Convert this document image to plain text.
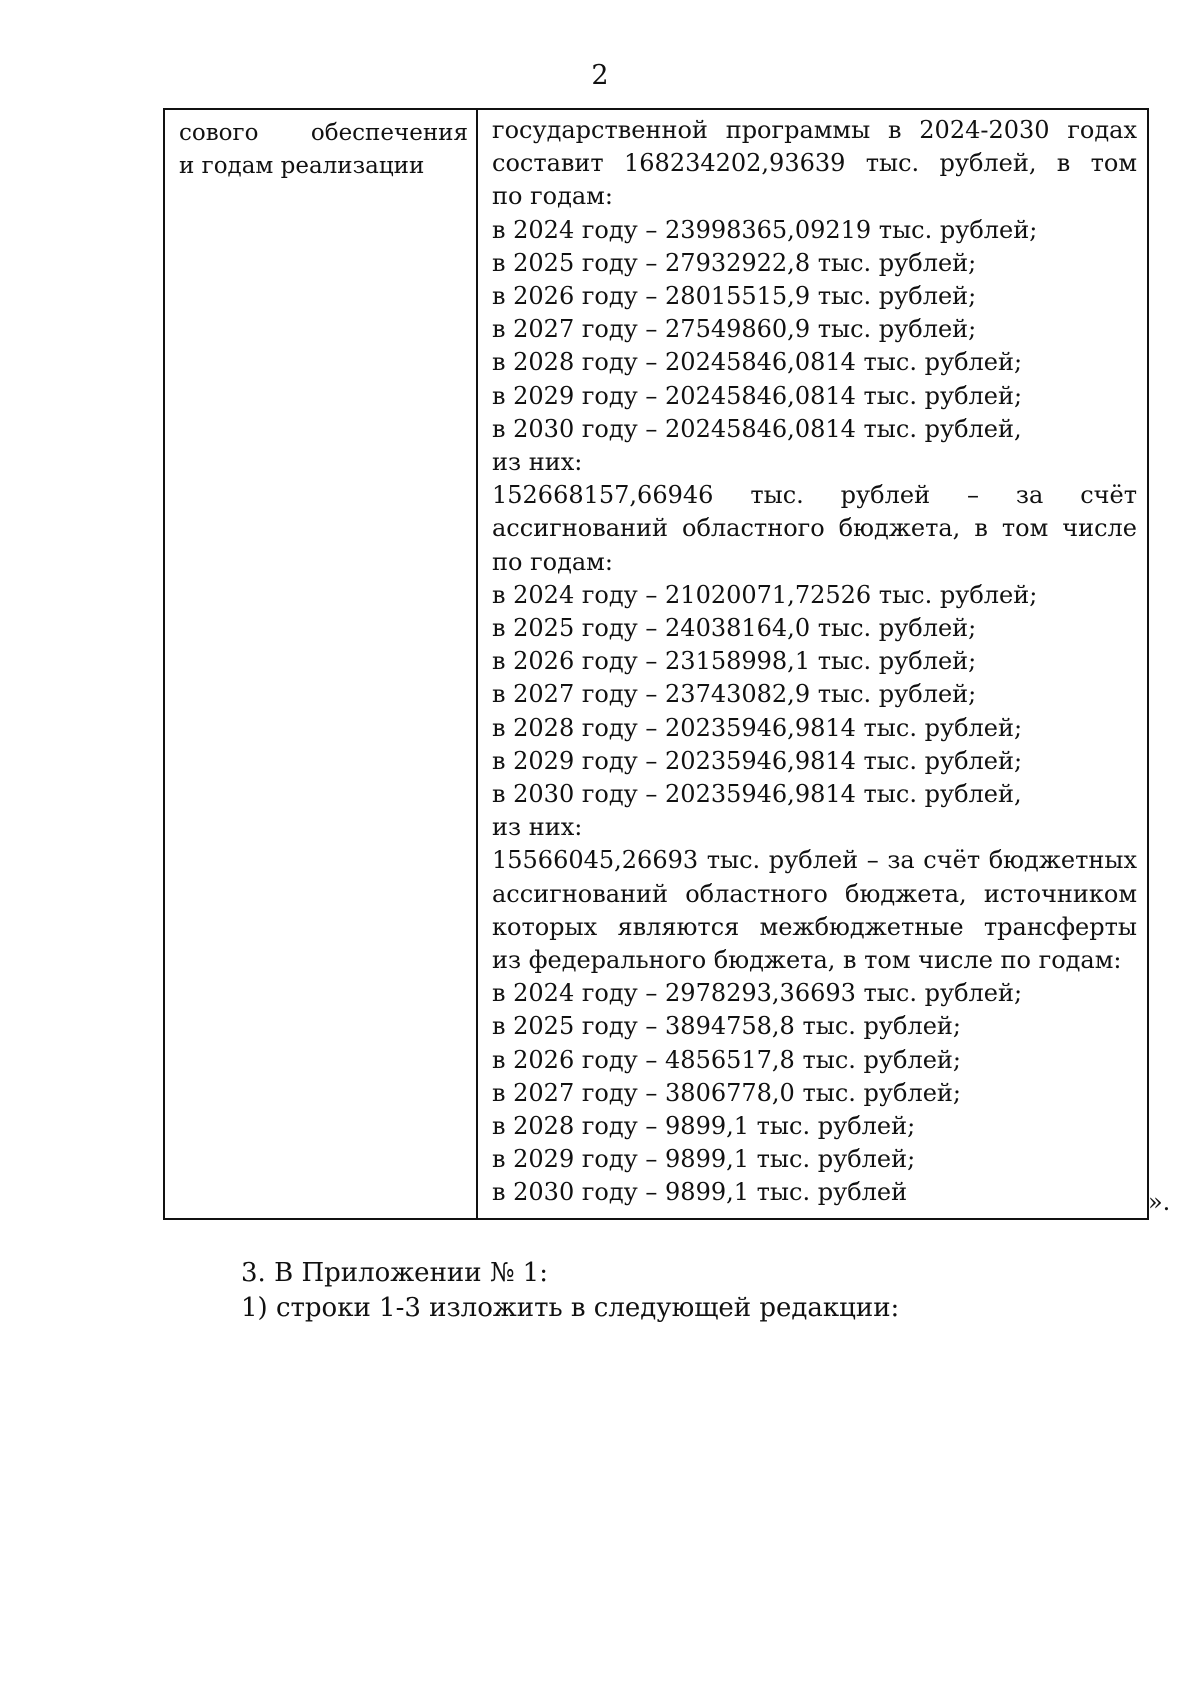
2
сового обеспечения
и годам реализации
государственной программы в 2024-2030 годах
составит 168234202,93639 тыс. рублей, в том
по годам:
в 2024 году – 23998365,09219 тыс. рублей;
в 2025 году – 27932922,8 тыс. рублей;
в 2026 году – 28015515,9 тыс. рублей;
в 2027 году – 27549860,9 тыс. рублей;
в 2028 году – 20245846,0814 тыс. рублей;
в 2029 году – 20245846,0814 тыс. рублей;
в 2030 году – 20245846,0814 тыс. рублей,
из них:
152668157,66946 тыс. рублей – за счёт
ассигнований областного бюджета, в том числе
по годам:
в 2024 году – 21020071,72526 тыс. рублей;
в 2025 году – 24038164,0 тыс. рублей;
в 2026 году – 23158998,1 тыс. рублей;
в 2027 году – 23743082,9 тыс. рублей;
в 2028 году – 20235946,9814 тыс. рублей;
в 2029 году – 20235946,9814 тыс. рублей;
в 2030 году – 20235946,9814 тыс. рублей,
из них:
15566045,26693 тыс. рублей – за счёт бюджетных
ассигнований областного бюджета, источником
которых являются межбюджетные трансферты
из федерального бюджета, в том числе по годам:
в 2024 году – 2978293,36693 тыс. рублей;
в 2025 году – 3894758,8 тыс. рублей;
в 2026 году – 4856517,8 тыс. рублей;
в 2027 году – 3806778,0 тыс. рублей;
в 2028 году – 9899,1 тыс. рублей;
в 2029 году – 9899,1 тыс. рублей;
в 2030 году – 9899,1 тыс. рублей	».
3. В Приложении № 1:
1) строки 1-3 изложить в следующей редакции:
